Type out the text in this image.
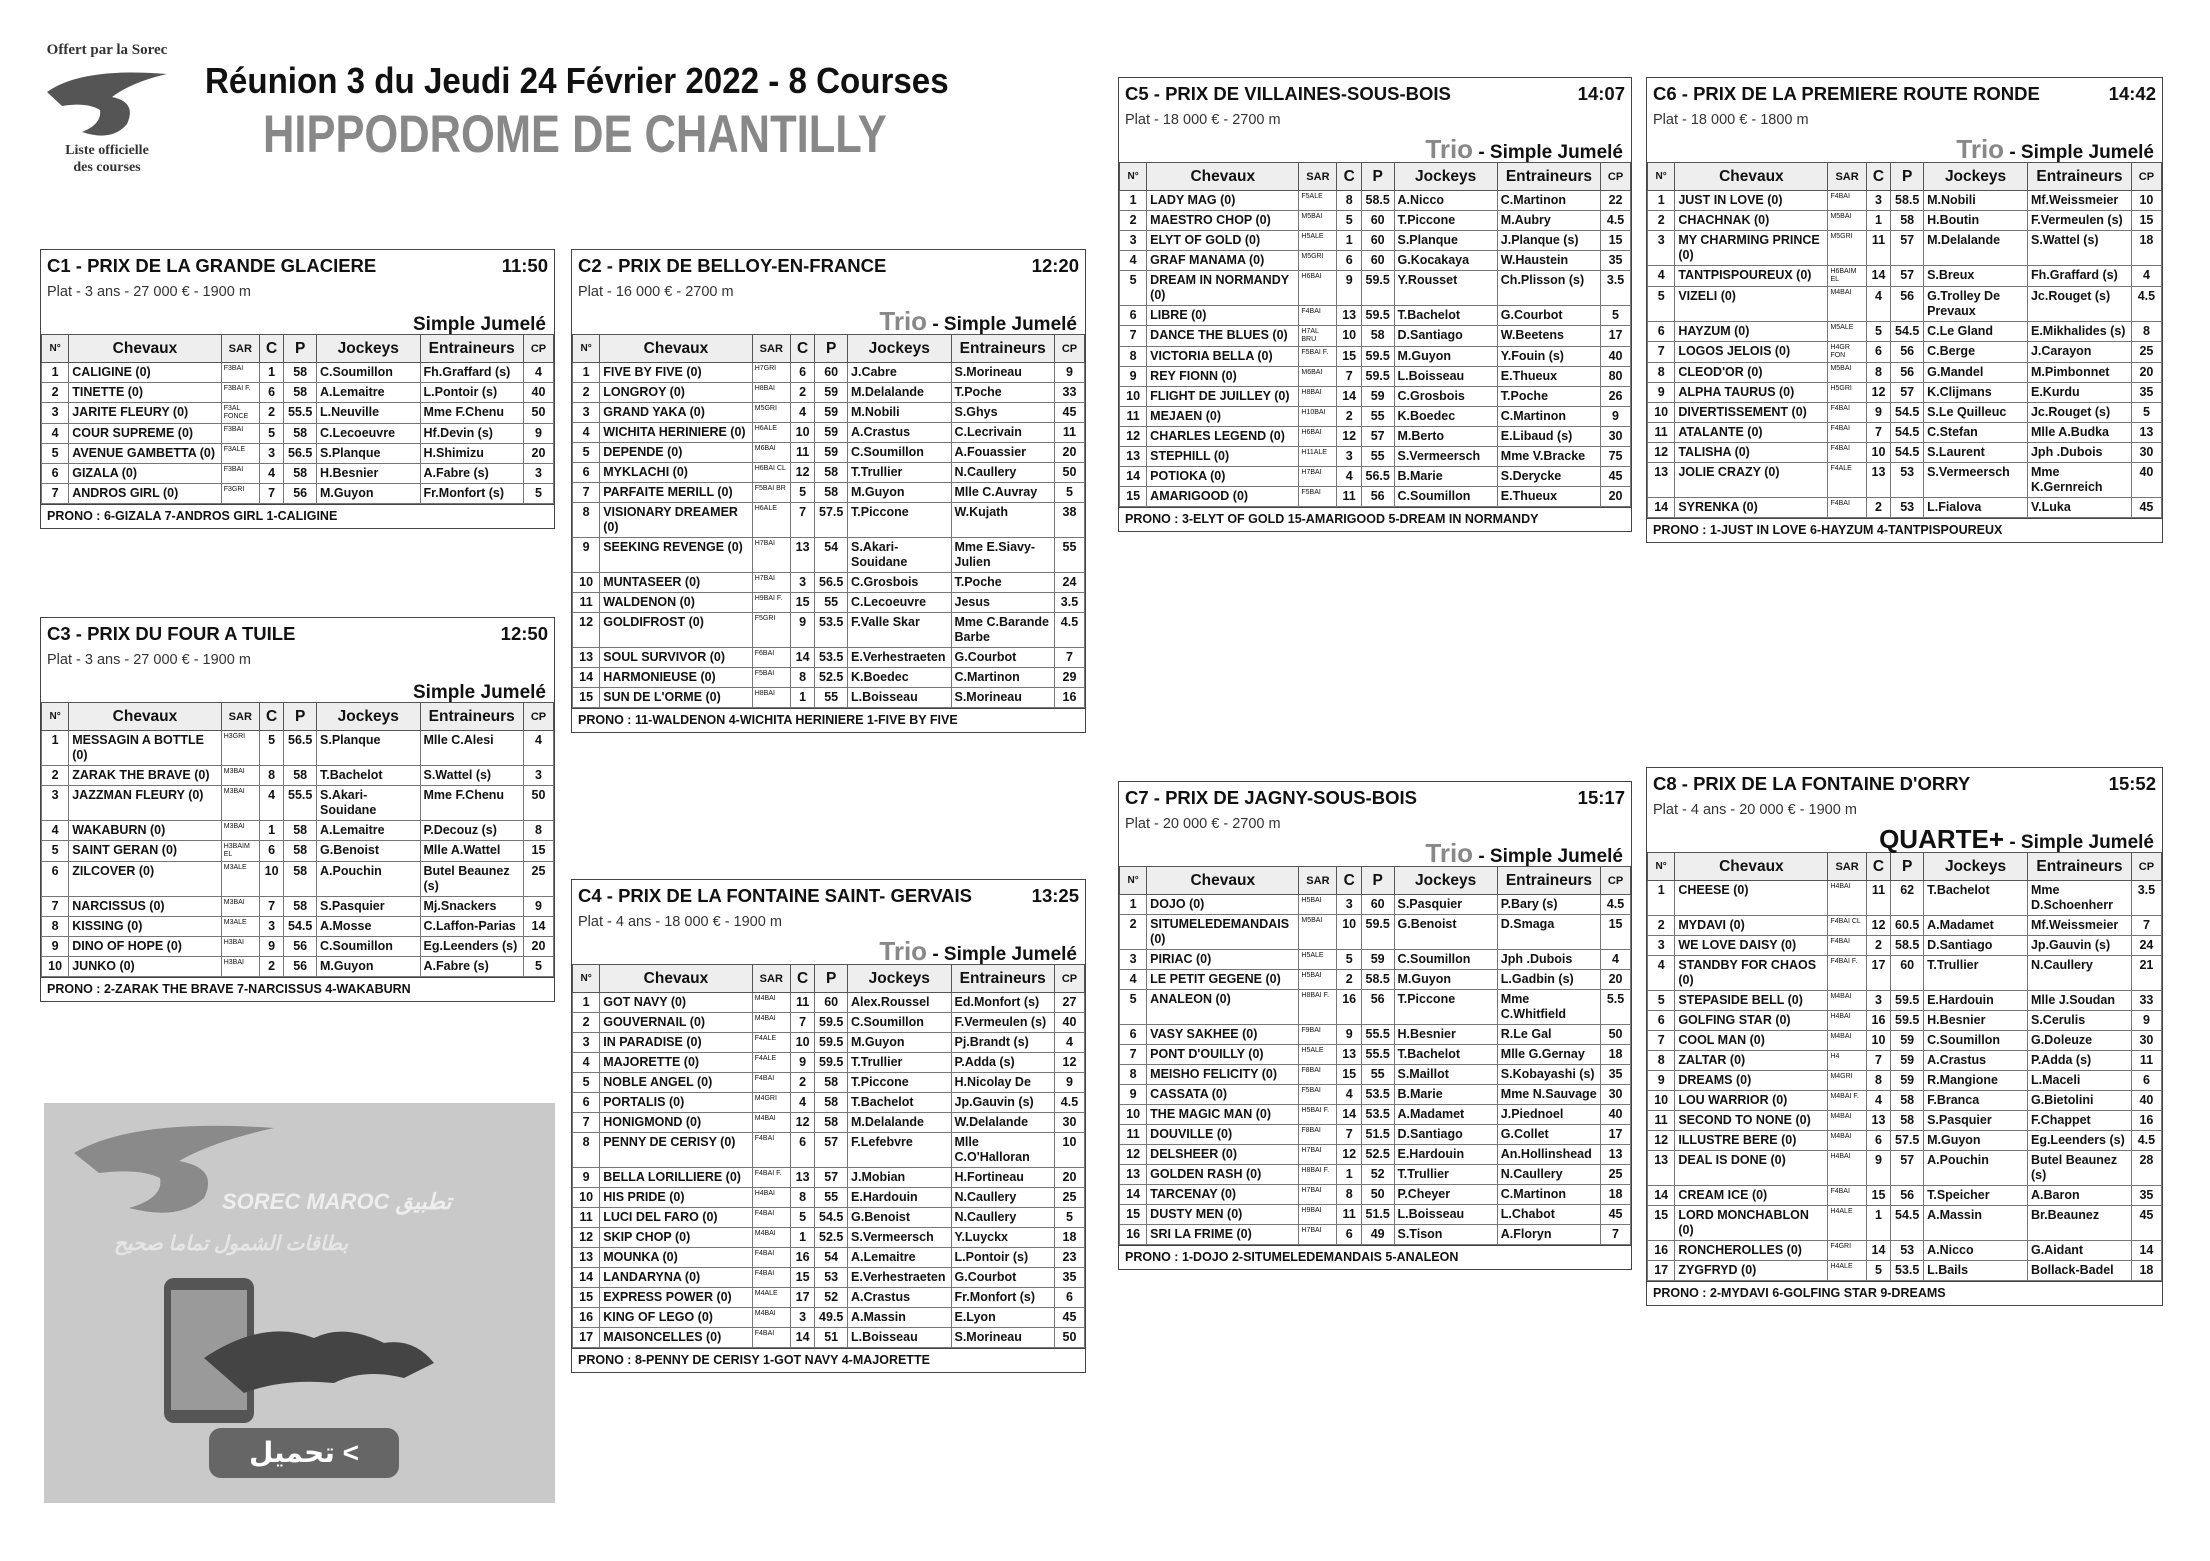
Offert par la Sorec
Liste officielle
des courses
Réunion 3 du Jeudi 24 Février 2022 - 8 Courses
HIPPODROME DE CHANTILLY
C1 - PRIX DE LA GRANDE GLACIERE	11:50
Plat - 3 ans - 27 000 € - 1900 m
Simple Jumelé
N°	Chevaux	SAR	C	P	Jockeys	Entraineurs	CP
1	CALIGINE (0)	F3BAI	1	58	C.Soumillon	Fh.Graffard (s)	4
2	TINETTE (0)	F3BAI F.	6	58	A.Lemaitre	L.Pontoir (s)	40
3	JARITE FLEURY (0)	F3AL FONCE	2	55.5	L.Neuville	Mme F.Chenu	50
4	COUR SUPREME (0)	F3BAI	5	58	C.Lecoeuvre	Hf.Devin (s)	9
5	AVENUE GAMBETTA (0)	F3ALE	3	56.5	S.Planque	H.Shimizu	20
6	GIZALA (0)	F3BAI	4	58	H.Besnier	A.Fabre (s)	3
7	ANDROS GIRL (0)	F3GRI	7	56	M.Guyon	Fr.Monfort (s)	5
PRONO : 6-GIZALA 7-ANDROS GIRL 1-CALIGINE
C3 - PRIX DU FOUR A TUILE	12:50
Plat - 3 ans - 27 000 € - 1900 m
Simple Jumelé
N°	Chevaux	SAR	C	P	Jockeys	Entraineurs	CP
1	MESSAGIN A BOTTLE (0)	H3GRI	5	56.5	S.Planque	Mlle C.Alesi	4
2	ZARAK THE BRAVE (0)	M3BAI	8	58	T.Bachelot	S.Wattel (s)	3
3	JAZZMAN FLEURY (0)	M3BAI	4	55.5	S.Akari-Souidane	Mme F.Chenu	50
4	WAKABURN (0)	M3BAI	1	58	A.Lemaitre	P.Decouz (s)	8
5	SAINT GERAN (0)	H3BAIM EL	6	58	G.Benoist	Mlle A.Wattel	15
6	ZILCOVER (0)	M3ALE	10	58	A.Pouchin	Butel Beaunez (s)	25
7	NARCISSUS (0)	M3BAI	7	58	S.Pasquier	Mj.Snackers	9
8	KISSING (0)	M3ALE	3	54.5	A.Mosse	C.Laffon-Parias	14
9	DINO OF HOPE (0)	H3BAI	9	56	C.Soumillon	Eg.Leenders (s)	20
10	JUNKO (0)	H3BAI	2	56	M.Guyon	A.Fabre (s)	5
PRONO : 2-ZARAK THE BRAVE 7-NARCISSUS 4-WAKABURN
C2 - PRIX DE BELLOY-EN-FRANCE	12:20
Plat - 16 000 € - 2700 m
Trio - Simple Jumelé
N°	Chevaux	SAR	C	P	Jockeys	Entraineurs	CP
1	FIVE BY FIVE (0)	H7GRI	6	60	J.Cabre	S.Morineau	9
2	LONGROY (0)	H8BAI	2	59	M.Delalande	T.Poche	33
3	GRAND YAKA (0)	M5GRI	4	59	M.Nobili	S.Ghys	45
4	WICHITA HERINIERE (0)	H6ALE	10	59	A.Crastus	C.Lecrivain	11
5	DEPENDE (0)	M6BAI	11	59	C.Soumillon	A.Fouassier	20
6	MYKLACHI (0)	H6BAI CL	12	58	T.Trullier	N.Caullery	50
7	PARFAITE MERILL (0)	F5BAI BR	5	58	M.Guyon	Mlle C.Auvray	5
8	VISIONARY DREAMER (0)	H6ALE	7	57.5	T.Piccone	W.Kujath	38
9	SEEKING REVENGE (0)	H7BAI	13	54	S.Akari-Souidane	Mme E.Siavy-Julien	55
10	MUNTASEER (0)	H7BAI	3	56.5	C.Grosbois	T.Poche	24
11	WALDENON (0)	H9BAI F.	15	55	C.Lecoeuvre	Jesus	3.5
12	GOLDIFROST (0)	F5GRI	9	53.5	F.Valle Skar	Mme C.Barande Barbe	4.5
13	SOUL SURVIVOR (0)	F6BAI	14	53.5	E.Verhestraeten	G.Courbot	7
14	HARMONIEUSE (0)	F5BAI	8	52.5	K.Boedec	C.Martinon	29
15	SUN DE L'ORME (0)	H8BAI	1	55	L.Boisseau	S.Morineau	16
PRONO : 11-WALDENON 4-WICHITA HERINIERE 1-FIVE BY FIVE
C4 - PRIX DE LA FONTAINE SAINT- GERVAIS	13:25
Plat - 4 ans - 18 000 € - 1900 m
Trio - Simple Jumelé
N°	Chevaux	SAR	C	P	Jockeys	Entraineurs	CP
1	GOT NAVY (0)	M4BAI	11	60	Alex.Roussel	Ed.Monfort (s)	27
2	GOUVERNAIL (0)	M4BAI	7	59.5	C.Soumillon	F.Vermeulen (s)	40
3	IN PARADISE (0)	F4ALE	10	59.5	M.Guyon	Pj.Brandt (s)	4
4	MAJORETTE (0)	F4ALE	9	59.5	T.Trullier	P.Adda (s)	12
5	NOBLE ANGEL (0)	F4BAI	2	58	T.Piccone	H.Nicolay De	9
6	PORTALIS (0)	M4GRI	4	58	T.Bachelot	Jp.Gauvin (s)	4.5
7	HONIGMOND (0)	M4BAI	12	58	M.Delalande	W.Delalande	30
8	PENNY DE CERISY (0)	F4BAI	6	57	F.Lefebvre	Mlle C.O'Halloran	10
9	BELLA LORILLIERE (0)	F4BAI F.	13	57	J.Mobian	H.Fortineau	20
10	HIS PRIDE (0)	H4BAI	8	55	E.Hardouin	N.Caullery	25
11	LUCI DEL FARO (0)	F4BAI	5	54.5	G.Benoist	N.Caullery	5
12	SKIP CHOP (0)	M4BAI	1	52.5	S.Vermeersch	Y.Luyckx	18
13	MOUNKA (0)	F4BAI	16	54	A.Lemaitre	L.Pontoir (s)	23
14	LANDARYNA (0)	F4BAI	15	53	E.Verhestraeten	G.Courbot	35
15	EXPRESS POWER (0)	M4ALE	17	52	A.Crastus	Fr.Monfort (s)	6
16	KING OF LEGO (0)	M4BAI	3	49.5	A.Massin	E.Lyon	45
17	MAISONCELLES (0)	F4BAI	14	51	L.Boisseau	S.Morineau	50
PRONO : 8-PENNY DE CERISY 1-GOT NAVY 4-MAJORETTE
C5 - PRIX DE VILLAINES-SOUS-BOIS	14:07
Plat - 18 000 € - 2700 m
Trio - Simple Jumelé
N°	Chevaux	SAR	C	P	Jockeys	Entraineurs	CP
1	LADY MAG (0)	F5ALE	8	58.5	A.Nicco	C.Martinon	22
2	MAESTRO CHOP (0)	M5BAI	5	60	T.Piccone	M.Aubry	4.5
3	ELYT OF GOLD (0)	H5ALE	1	60	S.Planque	J.Planque (s)	15
4	GRAF MANAMA (0)	M5GRI	6	60	G.Kocakaya	W.Haustein	35
5	DREAM IN NORMANDY (0)	H6BAI	9	59.5	Y.Rousset	Ch.Plisson (s)	3.5
6	LIBRE (0)	F4BAI	13	59.5	T.Bachelot	G.Courbot	5
7	DANCE THE BLUES (0)	H7AL BRU	10	58	D.Santiago	W.Beetens	17
8	VICTORIA BELLA (0)	F5BAI F.	15	59.5	M.Guyon	Y.Fouin (s)	40
9	REY FIONN (0)	M6BAI	7	59.5	L.Boisseau	E.Thueux	80
10	FLIGHT DE JUILLEY (0)	H8BAI	14	59	C.Grosbois	T.Poche	26
11	MEJAEN (0)	H10BAI	2	55	K.Boedec	C.Martinon	9
12	CHARLES LEGEND (0)	H6BAI	12	57	M.Berto	E.Libaud (s)	30
13	STEPHILL (0)	H11ALE	3	55	S.Vermeersch	Mme V.Bracke	75
14	POTIOKA (0)	H7BAI	4	56.5	B.Marie	S.Derycke	45
15	AMARIGOOD (0)	F5BAI	11	56	C.Soumillon	E.Thueux	20
PRONO : 3-ELYT OF GOLD 15-AMARIGOOD 5-DREAM IN NORMANDY
C7 - PRIX DE JAGNY-SOUS-BOIS	15:17
Plat - 20 000 € - 2700 m
Trio - Simple Jumelé
N°	Chevaux	SAR	C	P	Jockeys	Entraineurs	CP
1	DOJO (0)	H5BAI	3	60	S.Pasquier	P.Bary (s)	4.5
2	SITUMELEDEMANDAIS (0)	M5BAI	10	59.5	G.Benoist	D.Smaga	15
3	PIRIAC (0)	H5ALE	5	59	C.Soumillon	Jph .Dubois	4
4	LE PETIT GEGENE (0)	H5BAI	2	58.5	M.Guyon	L.Gadbin (s)	20
5	ANALEON (0)	H8BAI F.	16	56	T.Piccone	Mme C.Whitfield	5.5
6	VASY SAKHEE (0)	F9BAI	9	55.5	H.Besnier	R.Le Gal	50
7	PONT D'OUILLY (0)	H5ALE	13	55.5	T.Bachelot	Mlle G.Gernay	18
8	MEISHO FELICITY (0)	F8BAI	15	55	S.Maillot	S.Kobayashi (s)	35
9	CASSATA (0)	F5BAI	4	53.5	B.Marie	Mme N.Sauvage	30
10	THE MAGIC MAN (0)	H5BAI F.	14	53.5	A.Madamet	J.Piednoel	40
11	DOUVILLE (0)	F8BAI	7	51.5	D.Santiago	G.Collet	17
12	DELSHEER (0)	H7BAI	12	52.5	E.Hardouin	An.Hollinshead	13
13	GOLDEN RASH (0)	H8BAI F.	1	52	T.Trullier	N.Caullery	25
14	TARCENAY (0)	H7BAI	8	50	P.Cheyer	C.Martinon	18
15	DUSTY MEN (0)	H9BAI	11	51.5	L.Boisseau	L.Chabot	45
16	SRI LA FRIME (0)	H7BAI	6	49	S.Tison	A.Floryn	7
PRONO : 1-DOJO 2-SITUMELEDEMANDAIS 5-ANALEON
C6 - PRIX DE LA PREMIERE ROUTE RONDE	14:42
Plat - 18 000 € - 1800 m
Trio - Simple Jumelé
N°	Chevaux	SAR	C	P	Jockeys	Entraineurs	CP
1	JUST IN LOVE (0)	F4BAI	3	58.5	M.Nobili	Mf.Weissmeier	10
2	CHACHNAK (0)	M5BAI	1	58	H.Boutin	F.Vermeulen (s)	15
3	MY CHARMING PRINCE (0)	M5GRI	11	57	M.Delalande	S.Wattel (s)	18
4	TANTPISPOUREUX (0)	H6BAIM EL	14	57	S.Breux	Fh.Graffard (s)	4
5	VIZELI (0)	M4BAI	4	56	G.Trolley De Prevaux	Jc.Rouget (s)	4.5
6	HAYZUM (0)	M5ALE	5	54.5	C.Le Gland	E.Mikhalides (s)	8
7	LOGOS JELOIS (0)	H4GR FON	6	56	C.Berge	J.Carayon	25
8	CLEOD'OR (0)	M5BAI	8	56	G.Mandel	M.Pimbonnet	20
9	ALPHA TAURUS (0)	H5GRI	12	57	K.Clijmans	E.Kurdu	35
10	DIVERTISSEMENT (0)	F4BAI	9	54.5	S.Le Quilleuc	Jc.Rouget (s)	5
11	ATALANTE (0)	F4BAI	7	54.5	C.Stefan	Mlle A.Budka	13
12	TALISHA (0)	F4BAI	10	54.5	S.Laurent	Jph .Dubois	30
13	JOLIE CRAZY (0)	F4ALE	13	53	S.Vermeersch	Mme K.Gernreich	40
14	SYRENKA (0)	F4BAI	2	53	L.Fialova	V.Luka	45
PRONO : 1-JUST IN LOVE 6-HAYZUM 4-TANTPISPOUREUX
C8 - PRIX DE LA FONTAINE D'ORRY	15:52
Plat - 4 ans - 20 000 € - 1900 m
QUARTE+ - Simple Jumelé
N°	Chevaux	SAR	C	P	Jockeys	Entraineurs	CP
1	CHEESE (0)	H4BAI	11	62	T.Bachelot	Mme D.Schoenherr	3.5
2	MYDAVI (0)	F4BAI CL	12	60.5	A.Madamet	Mf.Weissmeier	7
3	WE LOVE DAISY (0)	F4BAI	2	58.5	D.Santiago	Jp.Gauvin (s)	24
4	STANDBY FOR CHAOS (0)	F4BAI F.	17	60	T.Trullier	N.Caullery	21
5	STEPASIDE BELL (0)	M4BAI	3	59.5	E.Hardouin	Mlle J.Soudan	33
6	GOLFING STAR (0)	H4BAI	16	59.5	H.Besnier	S.Cerulis	9
7	COOL MAN (0)	M4BAI	10	59	C.Soumillon	G.Doleuze	30
8	ZALTAR (0)	H4	7	59	A.Crastus	P.Adda (s)	11
9	DREAMS (0)	M4GRI	8	59	R.Mangione	L.Maceli	6
10	LOU WARRIOR (0)	M4BAI F.	4	58	F.Branca	G.Bietolini	40
11	SECOND TO NONE (0)	M4BAI	13	58	S.Pasquier	F.Chappet	16
12	ILLUSTRE BERE (0)	M4BAI	6	57.5	M.Guyon	Eg.Leenders (s)	4.5
13	DEAL IS DONE (0)	H4BAI	9	57	A.Pouchin	Butel Beaunez (s)	28
14	CREAM ICE (0)	F4BAI	15	56	T.Speicher	A.Baron	35
15	LORD MONCHABLON (0)	H4ALE	1	54.5	A.Massin	Br.Beaunez	45
16	RONCHEROLLES (0)	F4GRI	14	53	A.Nicco	G.Aidant	14
17	ZYGFRYD (0)	H4ALE	5	53.5	L.Bails	Bollack-Badel	18
PRONO : 2-MYDAVI 6-GOLFING STAR 9-DREAMS
SOREC MAROC تطبيق
بطاقات الشمول تماما صحيح
تحميل <
